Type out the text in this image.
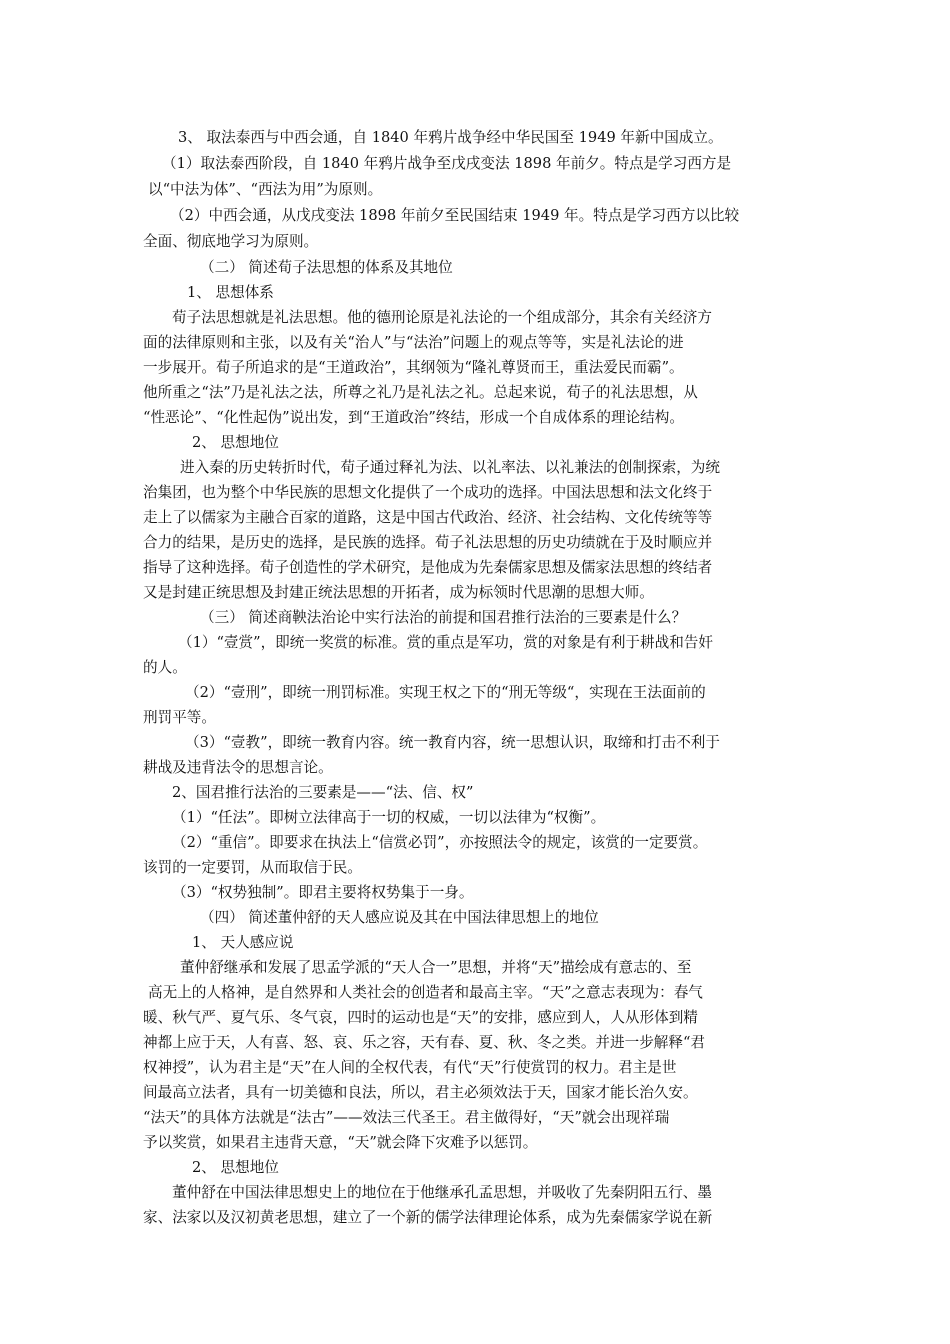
3、 取法泰西与中西会通，自 1840 年鸦片战争经中华民国至 1949 年新中国成立。
（1）取法泰西阶段，自 1840 年鸦片战争至戊戌变法 1898 年前夕。特点是学习西方是
以“中法为体”、“西法为用”为原则。
（2）中西会通，从戊戌变法 1898 年前夕至民国结束 1949 年。特点是学习西方以比较
全面、彻底地学习为原则。
（二） 简述荀子法思想的体系及其地位
1、 思想体系
荀子法思想就是礼法思想。他的德刑论原是礼法论的一个组成部分，其余有关经济方
面的法律原则和主张，以及有关“治人”与“法治”问题上的观点等等，实是礼法论的进
一步展开。荀子所追求的是“王道政治”，其纲领为“隆礼尊贤而王，重法爱民而霸”。
他所重之“法”乃是礼法之法，所尊之礼乃是礼法之礼。总起来说，荀子的礼法思想，从
“性恶论”、“化性起伪”说出发，到“王道政治”终结，形成一个自成体系的理论结构。
2、 思想地位
进入秦的历史转折时代，荀子通过释礼为法、以礼率法、以礼兼法的创制探索，为统
治集团，也为整个中华民族的思想文化提供了一个成功的选择。中国法思想和法文化终于
走上了以儒家为主融合百家的道路，这是中国古代政治、经济、社会结构、文化传统等等
合力的结果，是历史的选择，是民族的选择。荀子礼法思想的历史功绩就在于及时顺应并
指导了这种选择。荀子创造性的学术研究，是他成为先秦儒家思想及儒家法思想的终结者
又是封建正统思想及封建正统法思想的开拓者，成为标领时代思潮的思想大师。
（三） 简述商鞅法治论中实行法治的前提和国君推行法治的三要素是什么？
（1）“壹赏”，即统一奖赏的标准。赏的重点是军功，赏的对象是有利于耕战和告奸
的人。
（2）“壹刑”，即统一刑罚标准。实现王权之下的“刑无等级“，实现在王法面前的
刑罚平等。
（3）“壹教”，即统一教育内容。统一教育内容，统一思想认识，取缔和打击不利于
耕战及违背法令的思想言论。
2、国君推行法治的三要素是——“法、信、权”
（1）“任法”。即树立法律高于一切的权威，一切以法律为“权衡”。
（2）“重信”。即要求在执法上“信赏必罚”，亦按照法令的规定，该赏的一定要赏。
该罚的一定要罚，从而取信于民。
（3）“权势独制”。即君主要将权势集于一身。
（四） 简述董仲舒的天人感应说及其在中国法律思想上的地位
1、 天人感应说
董仲舒继承和发展了思孟学派的“天人合一”思想，并将“天”描绘成有意志的、至
高无上的人格神，是自然界和人类社会的创造者和最高主宰。“天”之意志表现为：春气
暖、秋气严、夏气乐、冬气哀，四时的运动也是“天”的安排，感应到人，人从形体到精
神都上应于天，人有喜、怒、哀、乐之容，天有春、夏、秋、冬之类。并进一步解释“君
权神授”，认为君主是“天”在人间的全权代表，有代“天”行使赏罚的权力。君主是世
间最高立法者，具有一切美德和良法，所以，君主必须效法于天，国家才能长治久安。
“法天”的具体方法就是“法古”——效法三代圣王。君主做得好，“天”就会出现祥瑞
予以奖赏，如果君主违背天意，“天”就会降下灾难予以惩罚。
2、 思想地位
董仲舒在中国法律思想史上的地位在于他继承孔孟思想，并吸收了先秦阴阳五行、墨
家、法家以及汉初黄老思想，建立了一个新的儒学法律理论体系，成为先秦儒家学说在新
